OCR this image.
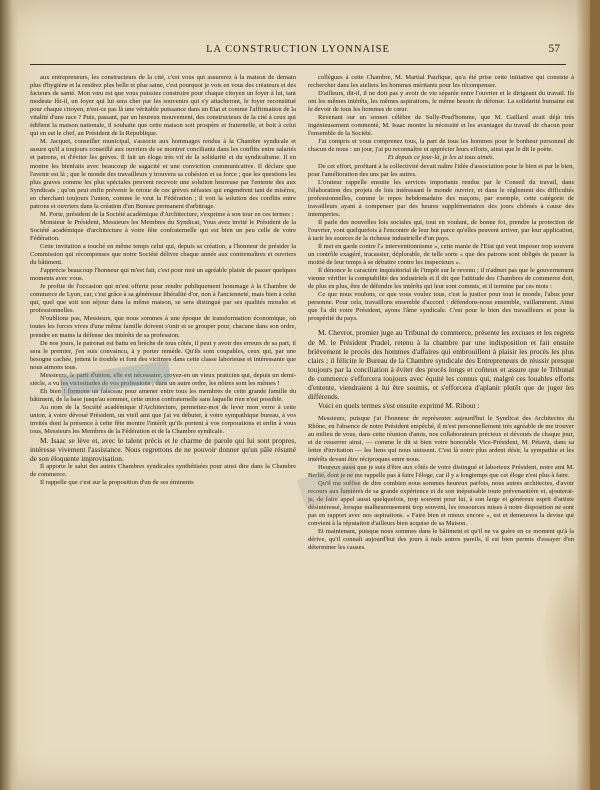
LA CONSTRUCTION LYONNAISE	57

aux entrepreneurs, les constructeurs de la cité, c'est vous qui assurerez à la maison de demain plus d'hygiène et la rendrez plus belle et plus saine, c'est pourquoi je vois en vous des créateurs et des facteurs de santé. Mon vœu est que vous puissiez construire pour chaque citoyen un foyer à lui, tant modeste fût-il, un foyer qui lui sera cher par les souvenirs qui s'y attacheront, le foyer reconstitué pour chaque citoyen, n'est-ce pas là une véritable puissance dans un Etat et comme l'affirmation de la vitalité d'une race ? Puis, passant, par un heureux mouvement, des constructeurs de la cité à ceux qui édifient la maison nationale, il souhaite que cette maison soit prospère et fraternelle, et boit à celui qui en est le chef, au Président de la République.

M. Jacquet, conseiller municipal, s'associe aux hommages rendus à la Chambre syndicale et assure qu'il a toujours conseillé aux ouvriers de se montrer conciliants dans les conflits entre salariés et patrons, et d'éviter les grèves. Il fait un éloge très vif de la solidarité et du syndicalisme. Il en montre les bienfaits avec beaucoup de sagacité et une conviction communicative. Il déclare que l'avenir est là ; que le monde des travailleurs y trouvera sa cohésion et sa force ; que les questions les plus graves comme les plus spéciales peuvent recevoir une solution heureuse par l'entente des aux Syndicats ; qu'on peut enfin prévenir le retour de ces grèves néfastes qui engendrent tant de misères, en cherchant toujours l'union, comme le veut la Fédération ; il voit la solution des conflits entre patrons et ouvriers dans la création d'un Bureau permanent d'arbitrage.

M. Porte, président de la Société académique d'Architecture, s'exprime à son tour en ces termes :

Monsieur le Président, Messieurs les Membres du Syndicat, Vous avez invité le Président de la Société académique d'architecture à votre fête confraternelle qui est bien un peu celle de votre Fédération.

Cette invitation a touché en même temps celui qui, depuis sa création, a l'honneur de présider la Commission qui récompenses que notre Société délivre chaque année aux contremaîtres et ouvriers du bâtiment.

J'apprécie beaucoup l'honneur qui m'est fait, c'est pour moi un agréable plaisir de passer quelques moments avec vous.

Je profite de l'occasion qui m'est offerte pour rendre publiquement hommage à la Chambre de commerce de Lyon, car, c'est grâce à sa généreuse libéralité d'or, non à l'ancienneté, mais bien à celui qui, quel que soit son séjour dans la même maison, se sera distingué par ses qualités morales et professionnelles.

N'oublions pas, Messieurs, que nous sommes à une époque de transformation économique, où toutes les forces vives d'une même famille doivent s'unir et se grouper pour, chacune dans son ordre, prendre en mains la défense des intérêts de sa profession.

De nos jours, le patronat est battu en brèche de tous côtés, il peut y avoir des erreurs de sa part, il sera le premier, j'en suis convaincu, à y porter remède. Qu'ils sont coupables, ceux qui, par une besogne cachée, jettent le trouble et font des victimes dans cette classe laborieuse et intéressante que nous aimons tous.

Messieurs, le parti d'union, elle est nécessaire, croyez-en un vieux praticien qui, depuis un demi-siècle, a vu les vicissitudes de vos professions ; dans un autre ordre, les nôtres sont les mêmes !

Eh bien ! formons un faisceau pour amener entre tous les membres de cette grande famille du bâtiment, de la base jusqu'au sommet, cette union confraternelle sans laquelle rien n'est possible.

Au nom de la Société académique d'Architecture, permettez-moi de lever mon verre à cette union, à votre dévoué Président, un vieil ami que j'ai vu débuter, à votre sympathique bureau, à vos invités dont la présence à cette fête montre l'intérêt qu'ils portent à vos corporations et enfin à vous tous, Messieurs les Membres de la Fédération et de la Chambre syndicale.

M. Isaac se lève et, avec le talent précis et le charme de parole qui lui sont propres, intéresse vivement l'assistance. Nous regrettons de ne pouvoir donner qu'un pâle résumé de son éloquente improvisation.

Il apporte le salut des autres Chambres syndicales synthétisées pour ainsi dire dans la Chambre de commerce.

Il rappelle que c'est sur la proposition d'un de ses éminents

collègues à cette Chambre, M. Martial Paufique, qu'a été prise cette initiative qui consiste à rechercher dans les ateliers les hommes méritants pour les récompenser.

D'ailleurs, dit-il, il ne doit pas y avoir de vie séparée entre l'ouvrier et le dirigeant du travail. Ils ont les mêmes intérêts, les mêmes aspirations, le même besoin de défense. La solidarité humaine est le devoir de tous les hommes de cœur.

Revenant sur un sonnet célèbre de Sully-Prud'homme, que M. Gaillard avait déjà très ingénieusement commenté, M. Isaac montre la nécessité et les avantages du travail de chacun pour l'ensemble de la Société.

J'ai compris et vous comprenez tous, la part de tous les hommes pour le bonheur personnel de chacun de nous : un jour, j'ai pu reconnaître et apprécier leurs efforts, ainsi que le dit le poète.

Et depuis ce jour-là, je les ai tous aimés.

De cet effort, profitant à la collectivité devait naître l'idée d'association pour le bien et par le bien, pour l'amélioration des uns par les autres.

L'orateur rappelle ensuite les services importants rendus par le Conseil du travail, dans l'élaboration des projets de lois intéressant le monde ouvrier, et dans le règlement des difficultés professionnelles, comme le repos hebdomadaire des maçons, par exemple, cette catégorie de travailleurs ayant à compenser par des heures supplémentaires des jours chômés à cause des intempéries.

Il parle des nouvelles lois sociales qui, tout en voulant, de bonne foi, prendre la protection de l'ouvrier, vont quelquefois à l'encontre de leur but parce qu'elles peuvent arriver, par leur application, à tarir les sources de la richesse industrielle d'un pays.

Il met en garde contre l'« interventionnisme », cette manie de l'Etat qui veut imposer trop souvent un contrôle exagéré, tracassier, déplorable, de telle sorte « que des patrons sont obligés de passer la moitié de leur temps à se débattre contre les inspecteurs ».

Il dénonce le caractère inquisitorial de l'impôt sur le revenu ; il n'admet pas que le gouvernement vienne vérifier la comptabilité des industriels et il dit que l'attitude des Chambres de commerce doit, de plus en plus, être de défendre les intérêts qui leur sont commis, et il termine par ces mots :

Ce que nous voulons, ce que vous voulez tous, c'est la justice pour tout le monde, l'abus pour personne. Pour cela, travaillons ensemble d'accord : défendons-nous ensemble, vaillamment. Ainsi que l'a dit votre Président, ayons l'âme syndicale. C'est pour le bien des travailleurs et pour la prospérité du pays.

M. Chevrot, premier juge au Tribunal de commerce, présente les excuses et les regrets de M. le Président Pradel, retenu à la chambre par une indisposition et fait ensuite brièvement le procès des hommes d'affaires qui embrouillent à plaisir les procès les plus clairs ; il félicite le Bureau de la Chambre syndicale des Entrepreneurs de réussir presque toujours par la conciliation à éviter des procès longs et coûteux et assure que le Tribunal de commerce s'efforcera toujours avec équité les connus qui, malgré ces louables efforts d'entente, viendraient à lui être soumis, et s'efforcera d'aplanir plutôt que de juger les différends.

Voici en quels termes s'est ensuite exprimé M. Ribout :

Messieurs, puisque j'ai l'honneur de représenter aujourd'hui le Syndicat des Architectes du Rhône, en l'absence de notre Président empêché, il m'est personnellement très agréable de me trouver au milieu de vous, dans cette réunion d'amis, nos collaborateurs précieux et dévoués de chaque jour, et de resserrer ainsi, — comme le dit si bien votre honorable Vice-Président, M. Pétavit, dans sa lettre d'invitation — les liens qui nous unissent. C'est là notre plus ardent désir, la sympathie et les intérêts devant être réciproques entre nous.

Heureux aussi que je suis d'être aux côtés de votre distingué et laborieux Président, notre ami M. Berlié, dont je ne me rappelle pas à faire l'éloge, car il y a longtemps que cet éloge n'est plus à faire.

Qu'il me suffise de dire combien nous sommes heureux parfois, nous autres architectes, d'avoir recours aux lumières de sa grande expérience et de son inépuisable toute prévenantière et, ajouterai-je, de faire appel aussi quelquefois, trop souvent pour lui, à son large et généreux esprit d'artiste désintéressé, lorsque malheureusement trop souvent, les ressources mises à notre disposition ne sont pas en rapport avec nos aspirations. « Faire bien et mieux encore », est et demeurera la devise qui convient à la réputation d'ailleurs bien acquise de sa Maison.

Et maintenant, puisque nous sommes dans le bâtiment et qu'il ne va guère en ce moment qu'à la dérive, qu'il connaît aujourd'hui des jours à nuls autres pareils, il est bien permis d'essayer d'en déterminer les causes.
